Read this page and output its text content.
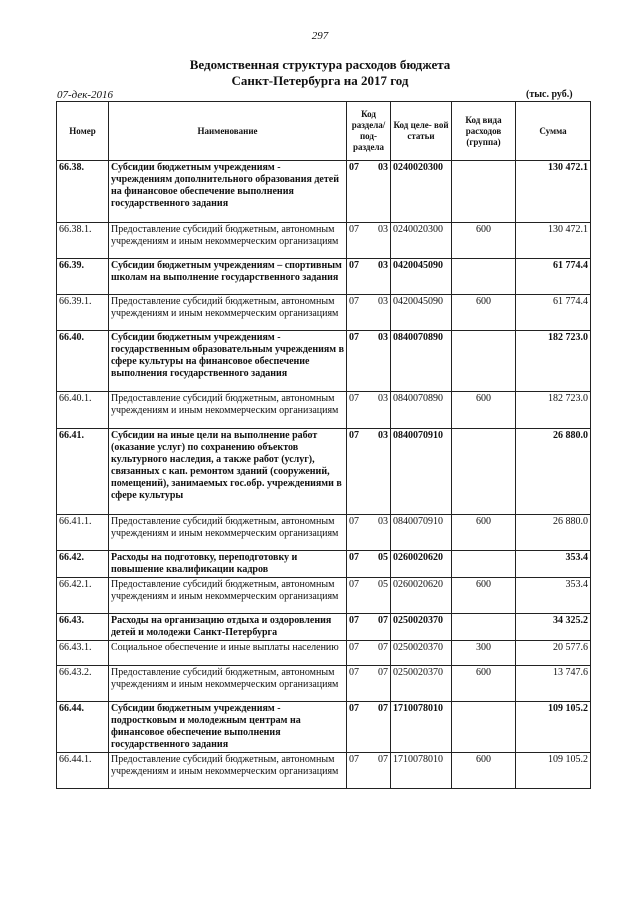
297
Ведомственная структура расходов бюджета
Санкт-Петербурга на 2017 год
07-дек-2016	(тыс. руб.)
Номер	Наименование	Код раздела/ под- раздела		Код целе- вой статьи	Код вида расходов (группа)	Сумма
66.38.	Субсидии бюджетным учреждениям - учреждениям дополнительного образования детей на финансовое обеспечение выполнения государственного задания	07	03	0240020300		130 472.1
66.38.1.	Предоставление субсидий бюджетным, автономным учреждениям и иным некоммерческим организациям	07	03	0240020300	600	130 472.1
66.39.	Субсидии бюджетным учреждениям – спортивным школам на выполнение государственного задания	07	03	0420045090		61 774.4
66.39.1.	Предоставление субсидий бюджетным, автономным учреждениям и иным некоммерческим организациям	07	03	0420045090	600	61 774.4
66.40.	Субсидии бюджетным учреждениям - государственным образовательным учреждениям в сфере культуры на финансовое обеспечение выполнения государственного задания	07	03	0840070890		182 723.0
66.40.1.	Предоставление субсидий бюджетным, автономным учреждениям и иным некоммерческим организациям	07	03	0840070890	600	182 723.0
66.41.	Субсидии на иные цели на выполнение работ (оказание услуг) по сохранению объектов культурного наследия, а также работ (услуг), связанных с кап. ремонтом зданий (сооружений, помещений), занимаемых гос.обр. учреждениями в сфере культуры	07	03	0840070910		26 880.0
66.41.1.	Предоставление субсидий бюджетным, автономным учреждениям и иным некоммерческим организациям	07	03	0840070910	600	26 880.0
66.42.	Расходы на подготовку, переподготовку и повышение квалификации кадров	07	05	0260020620		353.4
66.42.1.	Предоставление субсидий бюджетным, автономным учреждениям и иным некоммерческим организациям	07	05	0260020620	600	353.4
66.43.	Расходы на организацию отдыха и оздоровления детей и молодежи Санкт-Петербурга	07	07	0250020370		34 325.2
66.43.1.	Социальное обеспечение и иные выплаты населению	07	07	0250020370	300	20 577.6
66.43.2.	Предоставление субсидий бюджетным, автономным учреждениям и иным некоммерческим организациям	07	07	0250020370	600	13 747.6
66.44.	Субсидии бюджетным учреждениям - подростковым и молодежным центрам на финансовое обеспечение выполнения государственного задания	07	07	1710078010		109 105.2
66.44.1.	Предоставление субсидий бюджетным, автономным учреждениям и иным некоммерческим организациям	07	07	1710078010	600	109 105.2
